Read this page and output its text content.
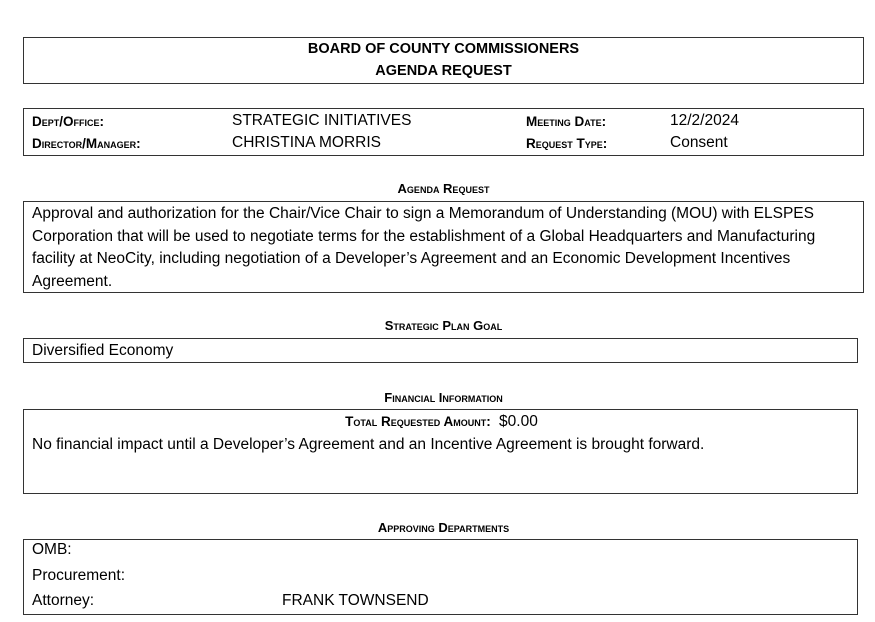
BOARD OF COUNTY COMMISSIONERS
AGENDA REQUEST
Dept/Office:	STRATEGIC INITIATIVES	Meeting Date:	12/2/2024
Director/Manager:	CHRISTINA MORRIS	Request Type:	Consent
Agenda Request
Approval and authorization for the Chair/Vice Chair to sign a Memorandum of Understanding (MOU) with ELSPES Corporation that will be used to negotiate terms for the establishment of a Global Headquarters and Manufacturing facility at NeoCity, including negotiation of a Developer’s Agreement and an Economic Development Incentives Agreement.
Strategic Plan Goal
Diversified Economy
Financial Information
Total Requested Amount: $0.00
No financial impact until a Developer’s Agreement and an Incentive Agreement is brought forward.
Approving Departments
OMB:
Procurement:
Attorney:	FRANK TOWNSEND
